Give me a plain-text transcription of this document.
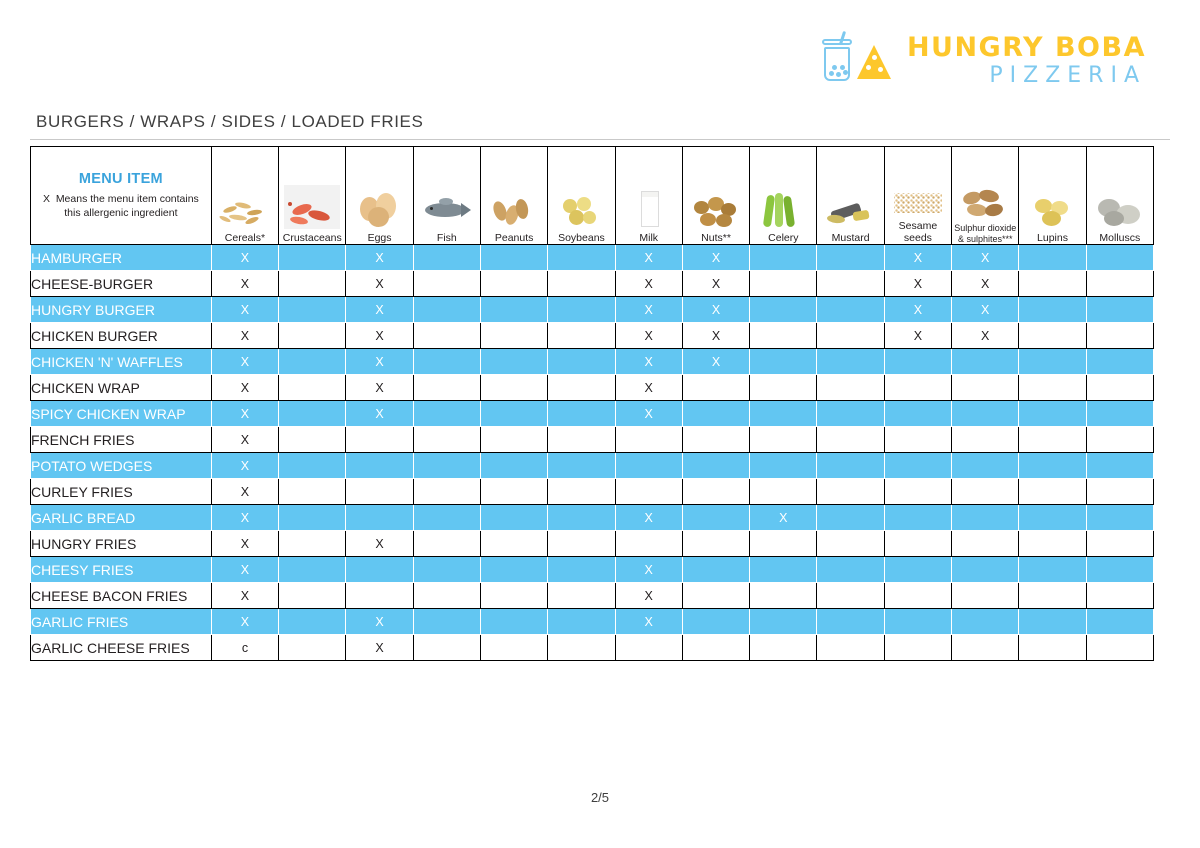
HUNGRY BOBA
PIZZERIA
BURGERS / WRAPS / SIDES / LOADED FRIES
MENU ITEM
X Means the menu item contains this allergenic ingredient	Cereals*	Crustaceans	Eggs	Fish	Peanuts	Soybeans	Milk	Nuts**	Celery	Mustard	Sesame seeds	Sulphur dioxide & sulphites***	Lupins	Molluscs

HAMBURGER	X		X				X	X			X	X		
CHEESE-BURGER	X		X				X	X			X	X		
HUNGRY BURGER	X		X				X	X			X	X		
CHICKEN BURGER	X		X				X	X			X	X		
CHICKEN 'N' WAFFLES	X		X				X	X						
CHICKEN WRAP	X		X				X							
SPICY CHICKEN WRAP	X		X				X							
FRENCH FRIES	X													
POTATO WEDGES	X													
CURLEY FRIES	X													
GARLIC BREAD	X						X		X					
HUNGRY FRIES	X		X											
CHEESY FRIES	X						X							
CHEESE BACON FRIES	X						X							
GARLIC FRIES	X		X				X							
GARLIC CHEESE FRIES	c		X											
2/5
